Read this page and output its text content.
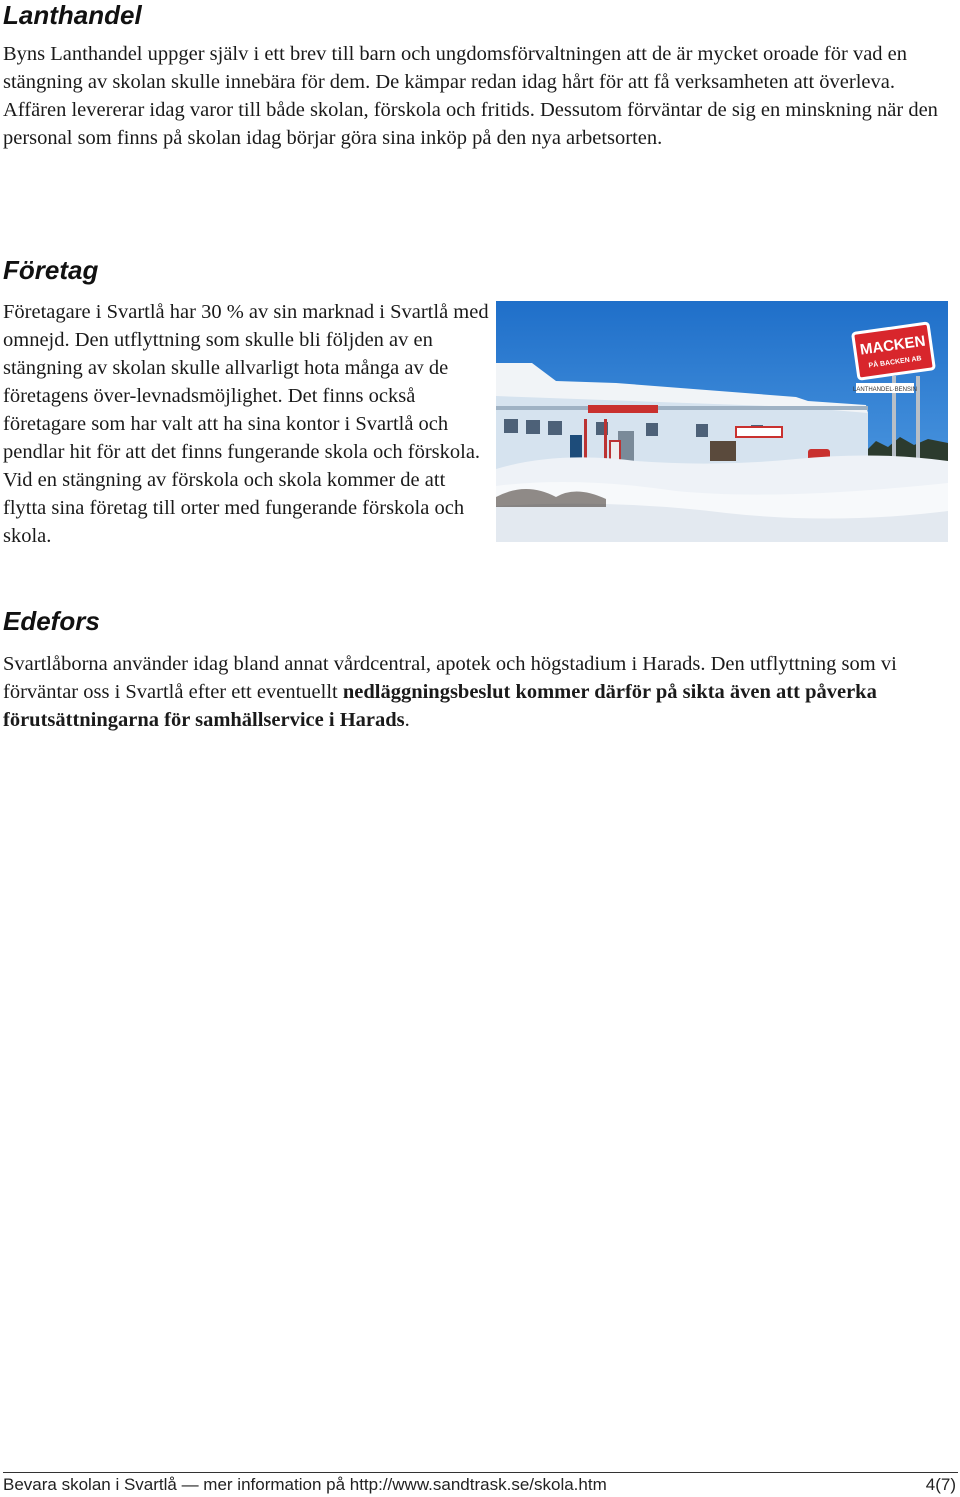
Lanthandel

Byns Lanthandel uppger själv i ett brev till barn och ungdomsförvaltningen att de är mycket oroade för vad en stängning av skolan skulle innebära för dem. De kämpar redan idag hårt för att få verksamheten att överleva. Affären levererar idag varor till både skolan, förskola och fritids. Dessutom förväntar de sig en minskning när den personal som finns på skolan idag börjar göra sina inköp på den nya arbetsorten.

Företag

Företagare i Svartlå har 30 % av sin marknad i Svartlå med omnejd. Den utflyttning som skulle bli följden av en stängning av skolan skulle allvarligt hota många av de företagens över-levnadsmöjlighet. Det finns också företagare som har valt att ha sina kontor i Svartlå och pendlar hit för att det finns fungerande skola och förskola. Vid en stängning av förskola och skola kommer de att flytta sina företag till orter med fungerande förskola och skola.

MACKEN
PÅ BACKEN AB
LANTHANDEL·BENSIN
Edefors

Svartlåborna använder idag bland annat vårdcentral, apotek och högstadium i Harads. Den utflyttning som vi förväntar oss i Svartlå efter ett eventuellt nedläggningsbeslut kommer därför på sikta även att påverka förutsättningarna för samhällservice i Harads.

Bevara skolan i Svartlå — mer information på http://www.sandtrask.se/skola.htm	4(7)
